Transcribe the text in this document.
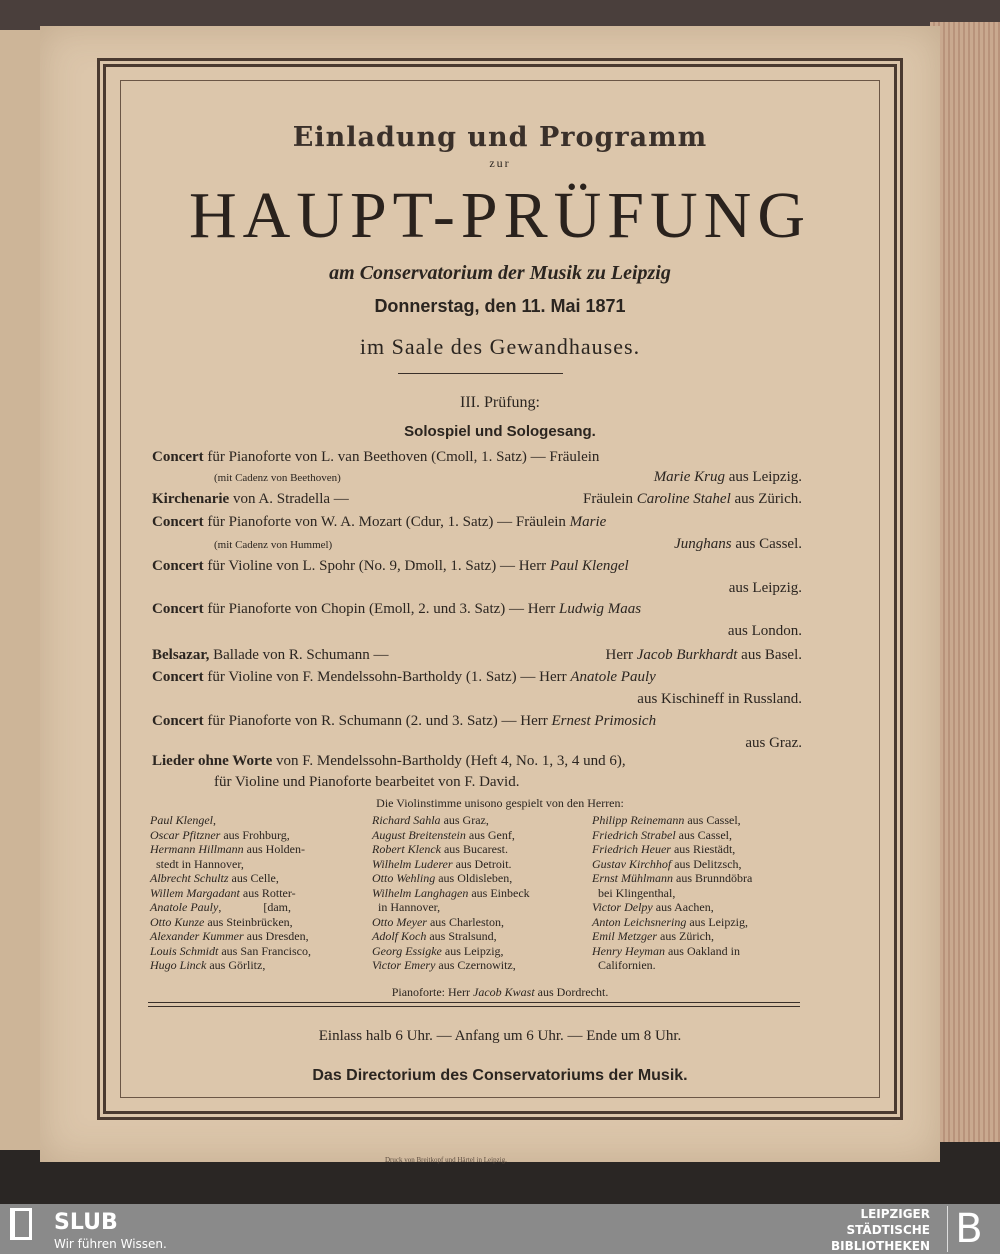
Einladung und Programm
zur
HAUPT-PRÜFUNG
am Conservatorium der Musik zu Leipzig
Donnerstag, den 11. Mai 1871
im Saale des Gewandhauses.
III. Prüfung:
Solospiel und Sologesang.
Concert für Pianoforte von L. van Beethoven (Cmoll, 1. Satz) — Fräulein
(mit Cadenz von Beethoven)	Marie Krug aus Leipzig.
Kirchenarie von A. Stradella —	Fräulein Caroline Stahel aus Zürich.
Concert für Pianoforte von W. A. Mozart (Cdur, 1. Satz) — Fräulein Marie
(mit Cadenz von Hummel)	Junghans aus Cassel.
Concert für Violine von L. Spohr (No. 9, Dmoll, 1. Satz) — Herr Paul Klengel
aus Leipzig.
Concert für Pianoforte von Chopin (Emoll, 2. und 3. Satz) — Herr Ludwig Maas
aus London.
Belsazar, Ballade von R. Schumann —	Herr Jacob Burkhardt aus Basel.
Concert für Violine von F. Mendelssohn-Bartholdy (1. Satz) — Herr Anatole Pauly
aus Kischineff in Russland.
Concert für Pianoforte von R. Schumann (2. und 3. Satz) — Herr Ernest Primosich
aus Graz.
Lieder ohne Worte von F. Mendelssohn-Bartholdy (Heft 4, No. 1, 3, 4 und 6),
für Violine und Pianoforte bearbeitet von F. David.
Die Violinstimme unisono gespielt von den Herren:
Paul Klengel,
Oscar Pfitzner aus Frohburg,
Hermann Hillmann aus Holden-
stedt in Hannover,
Albrecht Schultz aus Celle,
Willem Margadant aus Rotter-
Anatole Pauly,              [dam,
Otto Kunze aus Steinbrücken,
Alexander Kummer aus Dresden,
Louis Schmidt aus San Francisco,
Hugo Linck aus Görlitz,
Richard Sahla aus Graz,
August Breitenstein aus Genf,
Robert Klenck aus Bucarest.
Wilhelm Luderer aus Detroit.
Otto Wehling aus Oldisleben,
Wilhelm Langhagen aus Einbeck
in Hannover,
Otto Meyer aus Charleston,
Adolf Koch aus Stralsund,
Georg Essigke aus Leipzig,
Victor Emery aus Czernowitz,
Philipp Reinemann aus Cassel,
Friedrich Strabel aus Cassel,
Friedrich Heuer aus Riestädt,
Gustav Kirchhof aus Delitzsch,
Ernst Mühlmann aus Brunndöbra
bei Klingenthal,
Victor Delpy aus Aachen,
Anton Leichsnering aus Leipzig,
Emil Metzger aus Zürich,
Henry Heyman aus Oakland in
Californien.
Pianoforte: Herr Jacob Kwast aus Dordrecht.
Einlass halb 6 Uhr. — Anfang um 6 Uhr. — Ende um 8 Uhr.
Das Directorium des Conservatoriums der Musik.
Druck von Breitkopf und Härtel in Leipzig.
SLUB
Wir führen Wissen.
LEIPZIGER
STÄDTISCHE
BIBLIOTHEKEN B
